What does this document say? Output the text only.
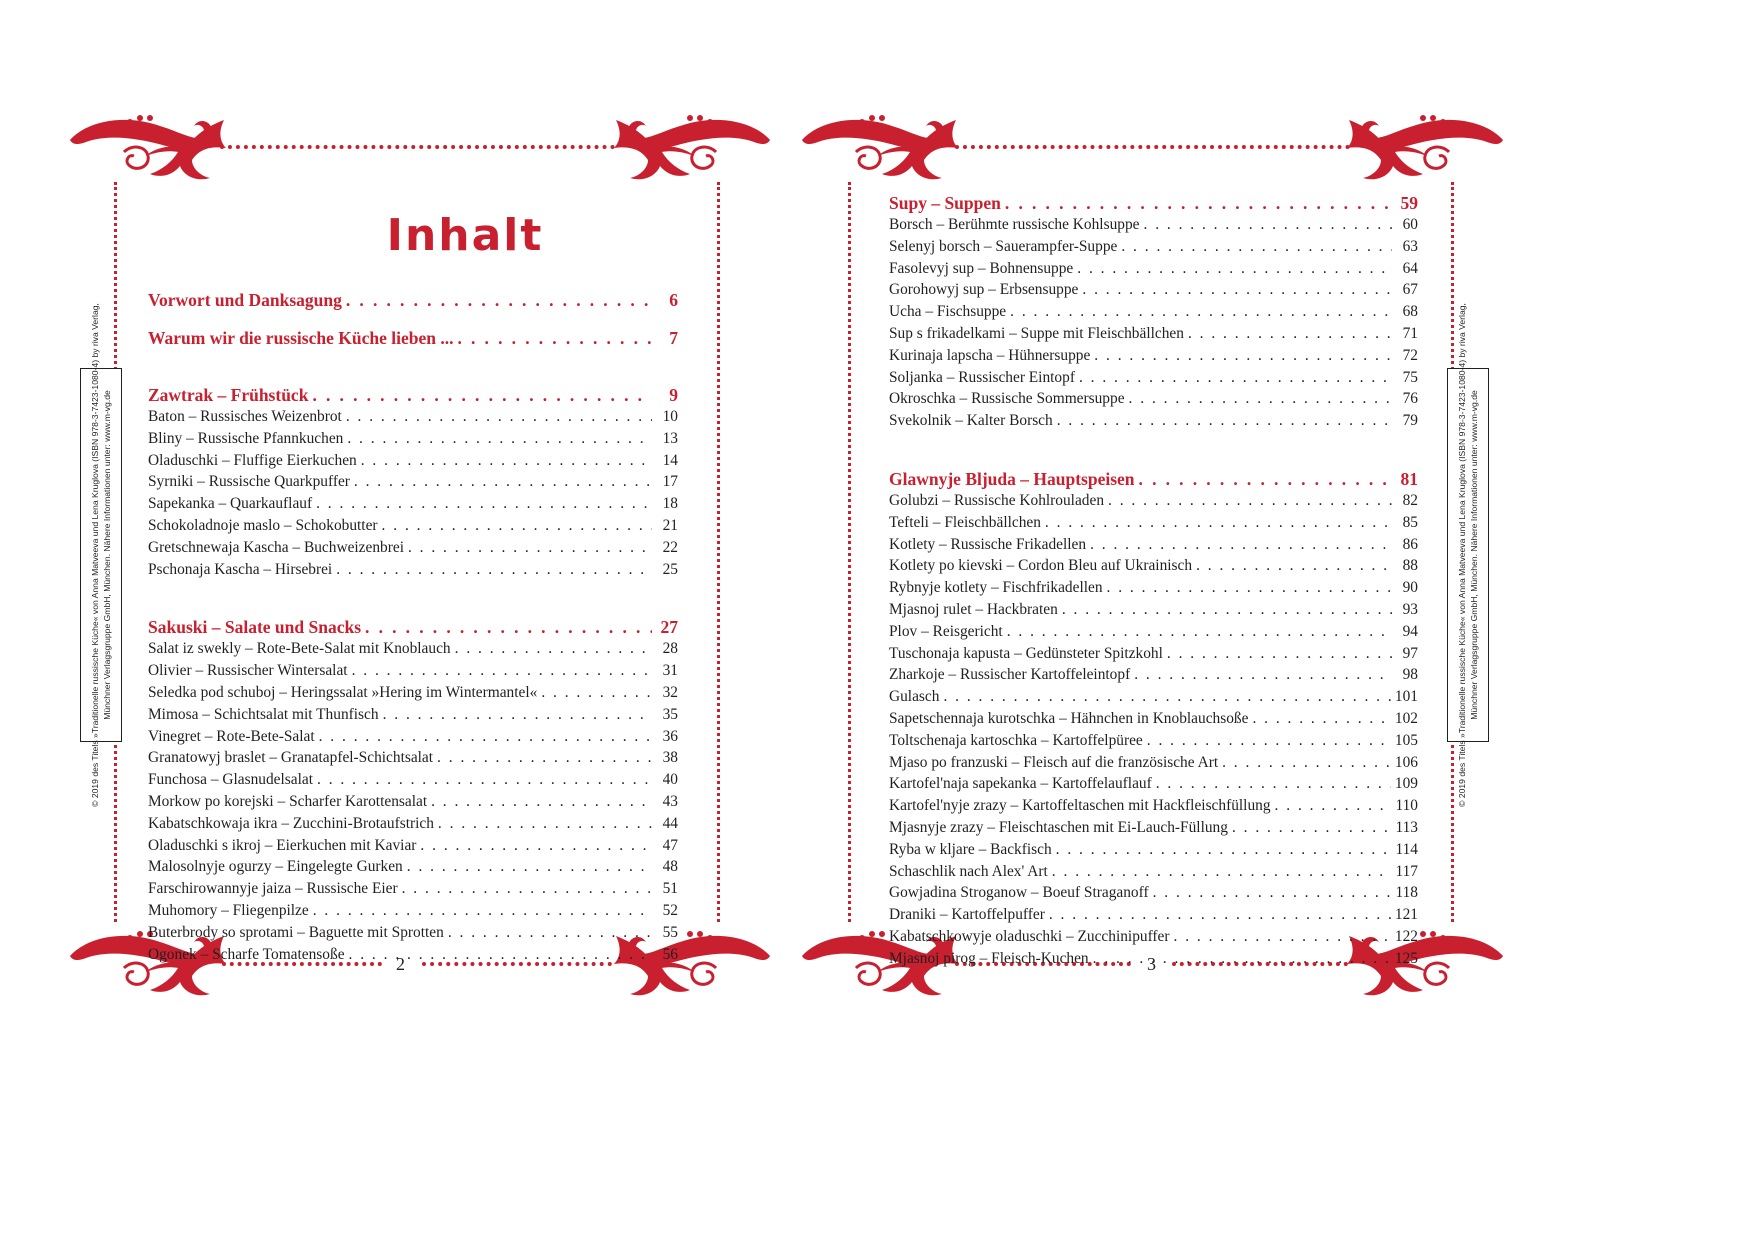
2
Inhalt
© 2019 des Titels »Traditionelle russische Küche« von Anna Matveeva und Lena Kruglova (ISBN 978-3-7423-1080-4) by riva Verlag, Münchner Verlagsgruppe GmbH, München. Nähere Informationen unter: www.m-vg.de
Vorwort und Danksagung . . .	6
Warum wir die russische Küche lieben ... . . .	7
Zawtrak – Frühstück . . .	9
Baton – Russisches Weizenbrot . . .	10
Bliny – Russische Pfannkuchen . . .	13
Oladuschki – Fluffige Eierkuchen . . .	14
Syrniki – Russische Quarkpuffer . . .	17
Sapekanka – Quarkauflauf . . .	18
Schokoladnoje maslo – Schokobutter . . .	21
Gretschnewaja Kascha – Buchweizenbrei . . .	22
Pschonaja Kascha – Hirsebrei . . .	25
Sakuski – Salate und Snacks . . .	27
Salat iz swekly – Rote-Bete-Salat mit Knoblauch . . .	28
Olivier – Russischer Wintersalat . . .	31
Seledka pod schuboj – Heringssalat »Hering im Wintermantel« . . .	32
Mimosa – Schichtsalat mit Thunfisch . . .	35
Vinegret – Rote-Bete-Salat . . .	36
Granatowyj braslet – Granatapfel-Schichtsalat . . .	38
Funchosa – Glasnudelsalat . . .	40
Morkow po korejski – Scharfer Karottensalat . . .	43
Kabatschkowaja ikra – Zucchini-Brotaufstrich . . .	44
Oladuschki s ikroj – Eierkuchen mit Kaviar . . .	47
Malosolnyje ogurzy – Eingelegte Gurken . . .	48
Farschirowannyje jaiza – Russische Eier . . .	51
Muhomory – Fliegenpilze . . .	52
Buterbrody so sprotami – Baguette mit Sprotten . . .	55
Ogonek – Scharfe Tomatensoße . . .	56	3
© 2019 des Titels »Traditionelle russische Küche« von Anna Matveeva und Lena Kruglova (ISBN 978-3-7423-1080-4) by riva Verlag, Münchner Verlagsgruppe GmbH, München. Nähere Informationen unter: www.m-vg.de
Supy – Suppen . . .	59
Borsch – Berühmte russische Kohlsuppe . . .	60
Selenyj borsch – Sauerampfer-Suppe . . .	63
Fasolevyj sup – Bohnensuppe . . .	64
Gorohowyj sup – Erbsensuppe . . .	67
Ucha – Fischsuppe . . .	68
Sup s frikadelkami – Suppe mit Fleischbällchen . . .	71
Kurinaja lapscha – Hühnersuppe . . .	72
Soljanka – Russischer Eintopf . . .	75
Okroschka – Russische Sommersuppe . . .	76
Svekolnik – Kalter Borsch . . .	79
Glawnyje Bljuda – Hauptspeisen . . .	81
Golubzi – Russische Kohlrouladen . . .	82
Tefteli – Fleischbällchen . . .	85
Kotlety – Russische Frikadellen . . .	86
Kotlety po kievski – Cordon Bleu auf Ukrainisch . . .	88
Rybnyje kotlety – Fischfrikadellen . . .	90
Mjasnoj rulet – Hackbraten . . .	93
Plov – Reisgericht . . .	94
Tuschonaja kapusta – Gedünsteter Spitzkohl . . .	97
Zharkoje – Russischer Kartoffeleintopf . . .	98
Gulasch . . .	101
Sapetschennaja kurotschka – Hähnchen in Knoblauchsoße . . .	102
Toltschenaja kartoschka – Kartoffelpüree . . .	105
Mjaso po franzuski – Fleisch auf die französische Art . . .	106
Kartofel'naja sapekanka – Kartoffelauflauf . . .	109
Kartofel'nyje zrazy – Kartoffeltaschen mit Hackfleischfüllung . . .	110
Mjasnyje zrazy – Fleischtaschen mit Ei-Lauch-Füllung . . .	113
Ryba w kljare – Backfisch . . .	114
Schaschlik nach Alex' Art . . .	117
Gowjadina Stroganow – Boeuf Straganoff . . .	118
Draniki – Kartoffelpuffer . . .	121
Kabatschkowyje oladuschki – Zucchinipuffer . . .	122
Mjasnoj pirog – Fleisch-Kuchen . . .	125
